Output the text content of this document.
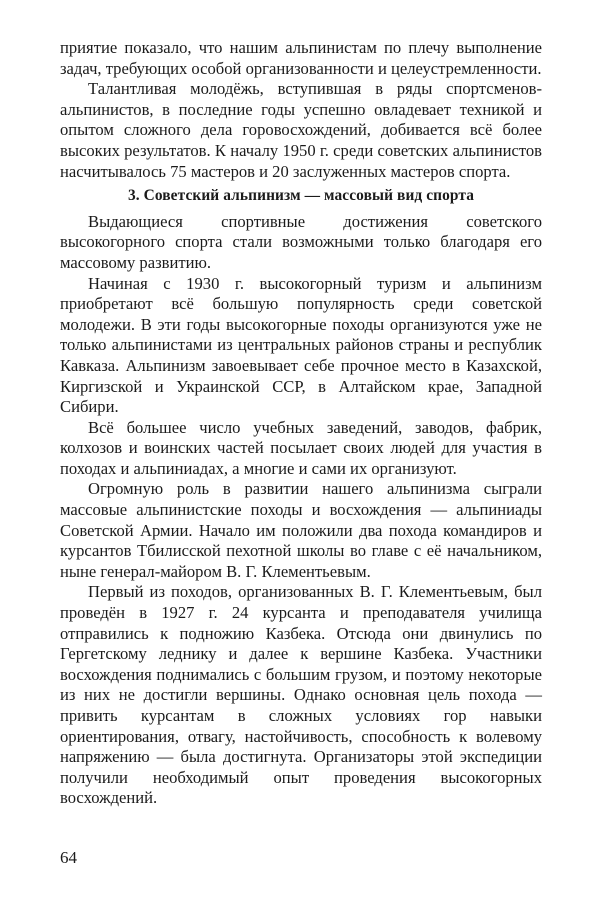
приятие показало, что нашим альпинистам по плечу выполнение задач, требующих особой организованности и целеустремленности.

Талантливая молодёжь, вступившая в ряды спортсменов-альпинистов, в последние годы успешно овладевает техникой и опытом сложного дела горовосхождений, добивается всё более высоких результатов. К началу 1950 г. среди советских альпинистов насчитывалось 75 мастеров и 20 заслуженных мастеров спорта.

3. Советский альпинизм — массовый вид спорта

Выдающиеся спортивные достижения советского высокогорного спорта стали возможными только благодаря его массовому развитию.

Начиная с 1930 г. высокогорный туризм и альпинизм приобретают всё большую популярность среди советской молодежи. В эти годы высокогорные походы организуются уже не только альпинистами из центральных районов страны и республик Кавказа. Альпинизм завоевывает себе прочное место в Казахской, Киргизской и Украинской ССР, в Алтайском крае, Западной Сибири.

Всё большее число учебных заведений, заводов, фабрик, колхозов и воинских частей посылает своих людей для участия в походах и альпиниадах, а многие и сами их организуют.

Огромную роль в развитии нашего альпинизма сыграли массовые альпинистские походы и восхождения — альпиниады Советской Армии. Начало им положили два похода командиров и курсантов Тбилисской пехотной школы во главе с её начальником, ныне генерал-майором В. Г. Клементьевым.

Первый из походов, организованных В. Г. Клементьевым, был проведён в 1927 г. 24 курсанта и преподавателя училища отправились к подножию Казбека. Отсюда они двинулись по Гергетскому леднику и далее к вершине Казбека. Участники восхождения поднимались с большим грузом, и поэтому некоторые из них не достигли вершины. Однако основная цель похода — привить курсантам в сложных условиях гор навыки ориентирования, отвагу, настойчивость, способность к волевому напряжению — была достигнута. Организаторы этой экспедиции получили необходимый опыт проведения высокогорных восхождений.

64
